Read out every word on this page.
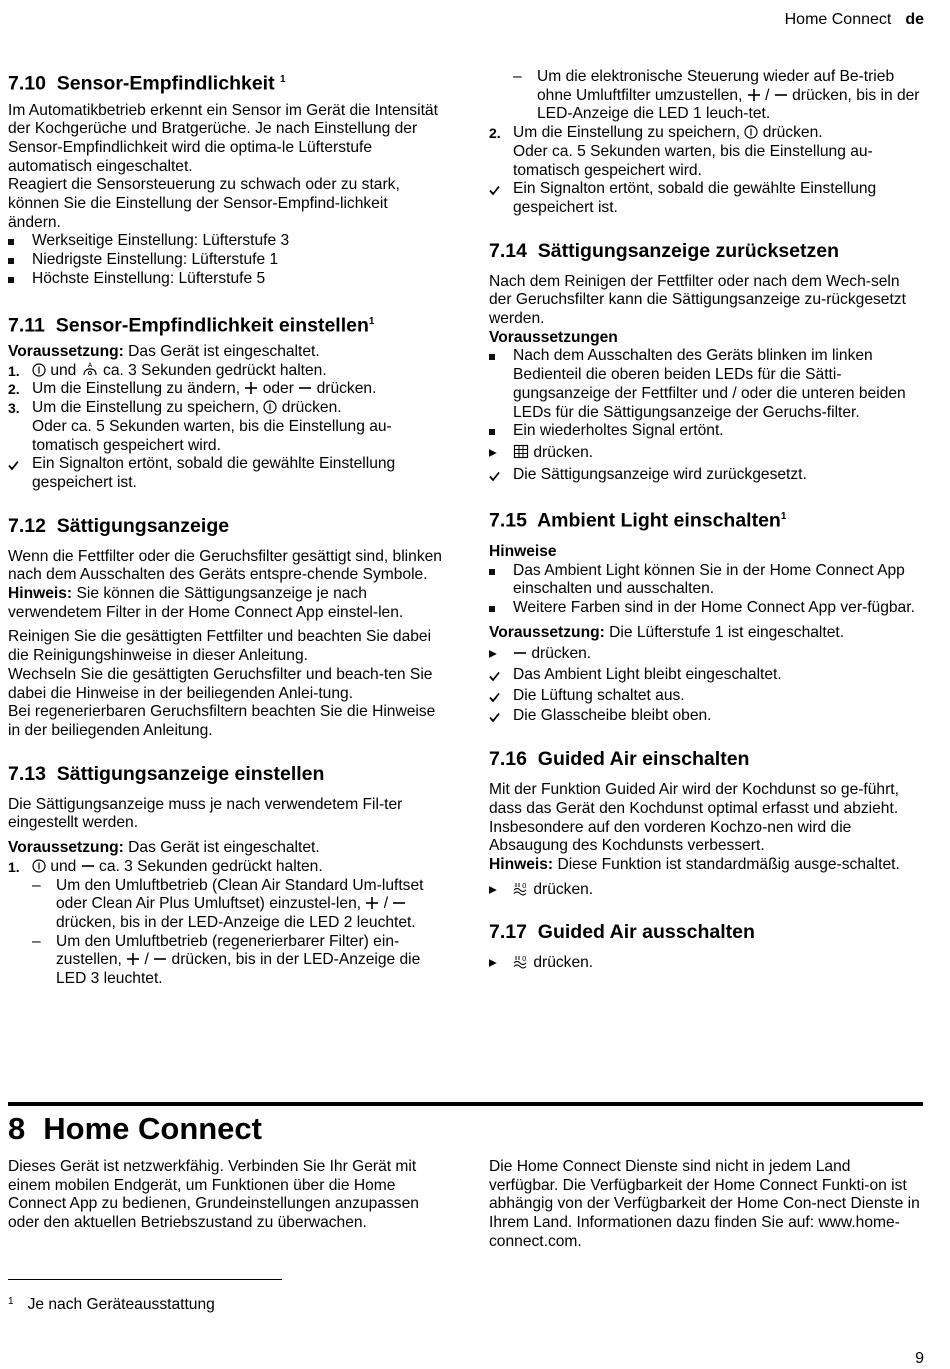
Home Connect de
7.10 Sensor-Empfindlichkeit $^1$

Im Automatikbetrieb erkennt ein Sensor im Gerät die Intensität der Kochgerüche und Bratgerüche. Je nach Einstellung der Sensor-Empfindlichkeit wird die optima-le Lüfterstufe automatisch eingeschaltet.

Reagiert die Sensorsteuerung zu schwach oder zu stark, können Sie die Einstellung der Sensor-Empfind-lichkeit ändern.

Werkseitige Einstellung: Lüfterstufe 3
Niedrigste Einstellung: Lüfterstufe 1
Höchste Einstellung: Lüfterstufe 5
7.11 Sensor-Empfindlichkeit einstellen$^1$

Voraussetzung: Das Gerät ist eingeschaltet.

1.	und A ca. 3 Sekunden gedrückt halten.
2. Um die Einstellung zu ändern,  oder  drücken.
3. Um die Einstellung zu speichern,  drücken.
Oder ca. 5 Sekunden warten, bis die Einstellung au-tomatisch gespeichert wird.
Ein Signalton ertönt, sobald die gewählte Einstellung gespeichert ist.
7.12 Sättigungsanzeige

Wenn die Fettfilter oder die Geruchsfilter gesättigt sind, blinken nach dem Ausschalten des Geräts entspre-chende Symbole.

Hinweis: Sie können die Sättigungsanzeige je nach verwendetem Filter in der Home Connect App einstel-len.

Reinigen Sie die gesättigten Fettfilter und beachten Sie dabei die Reinigungshinweise in dieser Anleitung.

Wechseln Sie die gesättigten Geruchsfilter und beach-ten Sie dabei die Hinweise in der beiliegenden Anlei-tung.

Bei regenerierbaren Geruchsfiltern beachten Sie die Hinweise in der beiliegenden Anleitung.

7.13 Sättigungsanzeige einstellen

Die Sättigungsanzeige muss je nach verwendetem Fil-ter eingestellt werden.

Voraussetzung: Das Gerät ist eingeschaltet.

1.	und  ca. 3 Sekunden gedrückt halten.
– Um den Umluftbetrieb (Clean Air Standard Um-luftset oder Clean Air Plus Umluftset) einzustel-len,  /  drücken, bis in der LED-Anzeige die LED 2 leuchtet.
– Um den Umluftbetrieb (regenerierbarer Filter) ein-zustellen,  /  drücken, bis in der LED-Anzeige die LED 3 leuchtet.
– Um die elektronische Steuerung wieder auf Be-trieb ohne Umluftfilter umzustellen,  /  drücken, bis in der LED-Anzeige die LED 1 leuch-tet.
2. Um die Einstellung zu speichern,  drücken.
Oder ca. 5 Sekunden warten, bis die Einstellung au-tomatisch gespeichert wird.
Ein Signalton ertönt, sobald die gewählte Einstellung gespeichert ist.
7.14 Sättigungsanzeige zurücksetzen

Nach dem Reinigen der Fettfilter oder nach dem Wech-seln der Geruchsfilter kann die Sättigungsanzeige zu-rückgesetzt werden.

Voraussetzungen

Nach dem Ausschalten des Geräts blinken im linken Bedienteil die oberen beiden LEDs für die Sätti-gungsanzeige der Fettfilter und / oder die unteren beiden LEDs für die Sättigungsanzeige der Geruchs-filter.
Ein wiederholtes Signal ertönt.
▸	drücken.
Die Sättigungsanzeige wird zurückgesetzt.
7.15 Ambient Light einschalten$^1$

Hinweise

Das Ambient Light können Sie in der Home Connect App einschalten und ausschalten.
Weitere Farben sind in der Home Connect App ver-fügbar.

Voraussetzung: Die Lüfterstufe 1 ist eingeschaltet.

▸	drücken.
Das Ambient Light bleibt eingeschaltet.
Die Lüftung schaltet aus.
Die Glasscheibe bleibt oben.
7.16 Guided Air einschalten

Mit der Funktion Guided Air wird der Kochdunst so ge-führt, dass das Gerät den Kochdunst optimal erfasst und abzieht. Insbesondere auf den vorderen Kochzo-nen wird die Absaugung des Kochdunsts verbessert.

Hinweis: Diese Funktion ist standardmäßig ausge-schaltet.

▸	0 drücken.
7.17 Guided Air ausschalten
▸	0 drücken.
8 Home Connect
Dieses Gerät ist netzwerkfähig. Verbinden Sie Ihr Gerät mit einem mobilen Endgerät, um Funktionen über die Home Connect App zu bedienen, Grundeinstellungen anzupassen oder den aktuellen Betriebszustand zu überwachen.
Die Home Connect Dienste sind nicht in jedem Land verfügbar. Die Verfügbarkeit der Home Connect Funkti-on ist abhängig von der Verfügbarkeit der Home Con-nect Dienste in Ihrem Land. Informationen dazu finden Sie auf: www.home-connect.com.
$^1$ Je nach Geräteausstattung
9
